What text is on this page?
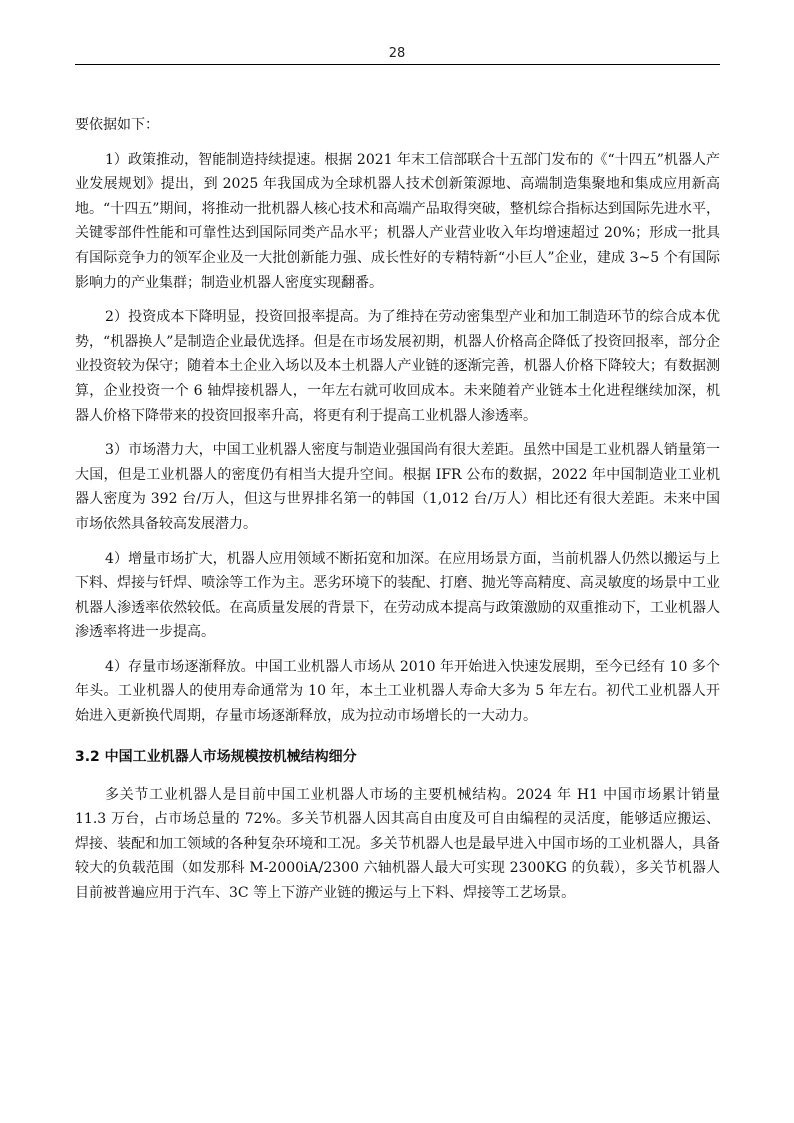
28

要依据如下：

1）政策推动，智能制造持续提速。根据 2021 年末工信部联合十五部门发布的《“十四五”机器人产业发展规划》提出，到 2025 年我国成为全球机器人技术创新策源地、高端制造集聚地和集成应用新高地。“十四五”期间，将推动一批机器人核心技术和高端产品取得突破，整机综合指标达到国际先进水平，关键零部件性能和可靠性达到国际同类产品水平；机器人产业营业收入年均增速超过 20%；形成一批具有国际竞争力的领军企业及一大批创新能力强、成长性好的专精特新“小巨人”企业，建成 3~5 个有国际影响力的产业集群；制造业机器人密度实现翻番。

2）投资成本下降明显，投资回报率提高。为了维持在劳动密集型产业和加工制造环节的综合成本优势，“机器换人”是制造企业最优选择。但是在市场发展初期，机器人价格高企降低了投资回报率，部分企业投资较为保守；随着本土企业入场以及本土机器人产业链的逐渐完善，机器人价格下降较大；有数据测算，企业投资一个 6 轴焊接机器人，一年左右就可收回成本。未来随着产业链本土化进程继续加深，机器人价格下降带来的投资回报率升高，将更有利于提高工业机器人渗透率。

3）市场潜力大，中国工业机器人密度与制造业强国尚有很大差距。虽然中国是工业机器人销量第一大国，但是工业机器人的密度仍有相当大提升空间。根据 IFR 公布的数据，2022 年中国制造业工业机器人密度为 392 台/万人，但这与世界排名第一的韩国（1,012 台/万人）相比还有很大差距。未来中国市场依然具备较高发展潜力。

4）增量市场扩大，机器人应用领域不断拓宽和加深。在应用场景方面，当前机器人仍然以搬运与上下料、焊接与钎焊、喷涂等工作为主。恶劣环境下的装配、打磨、抛光等高精度、高灵敏度的场景中工业机器人渗透率依然较低。在高质量发展的背景下，在劳动成本提高与政策激励的双重推动下，工业机器人渗透率将进一步提高。

4）存量市场逐渐释放。中国工业机器人市场从 2010 年开始进入快速发展期，至今已经有 10 多个年头。工业机器人的使用寿命通常为 10 年，本土工业机器人寿命大多为 5 年左右。初代工业机器人开始进入更新换代周期，存量市场逐渐释放，成为拉动市场增长的一大动力。

3.2 中国工业机器人市场规模按机械结构细分

多关节工业机器人是目前中国工业机器人市场的主要机械结构。2024 年 H1 中国市场累计销量 11.3 万台，占市场总量的 72%。多关节机器人因其高自由度及可自由编程的灵活度，能够适应搬运、焊接、装配和加工领域的各种复杂环境和工况。多关节机器人也是最早进入中国市场的工业机器人，具备较大的负载范围（如发那科 M-2000iA/2300 六轴机器人最大可实现 2300KG 的负载），多关节机器人目前被普遍应用于汽车、3C 等上下游产业链的搬运与上下料、焊接等工艺场景。
